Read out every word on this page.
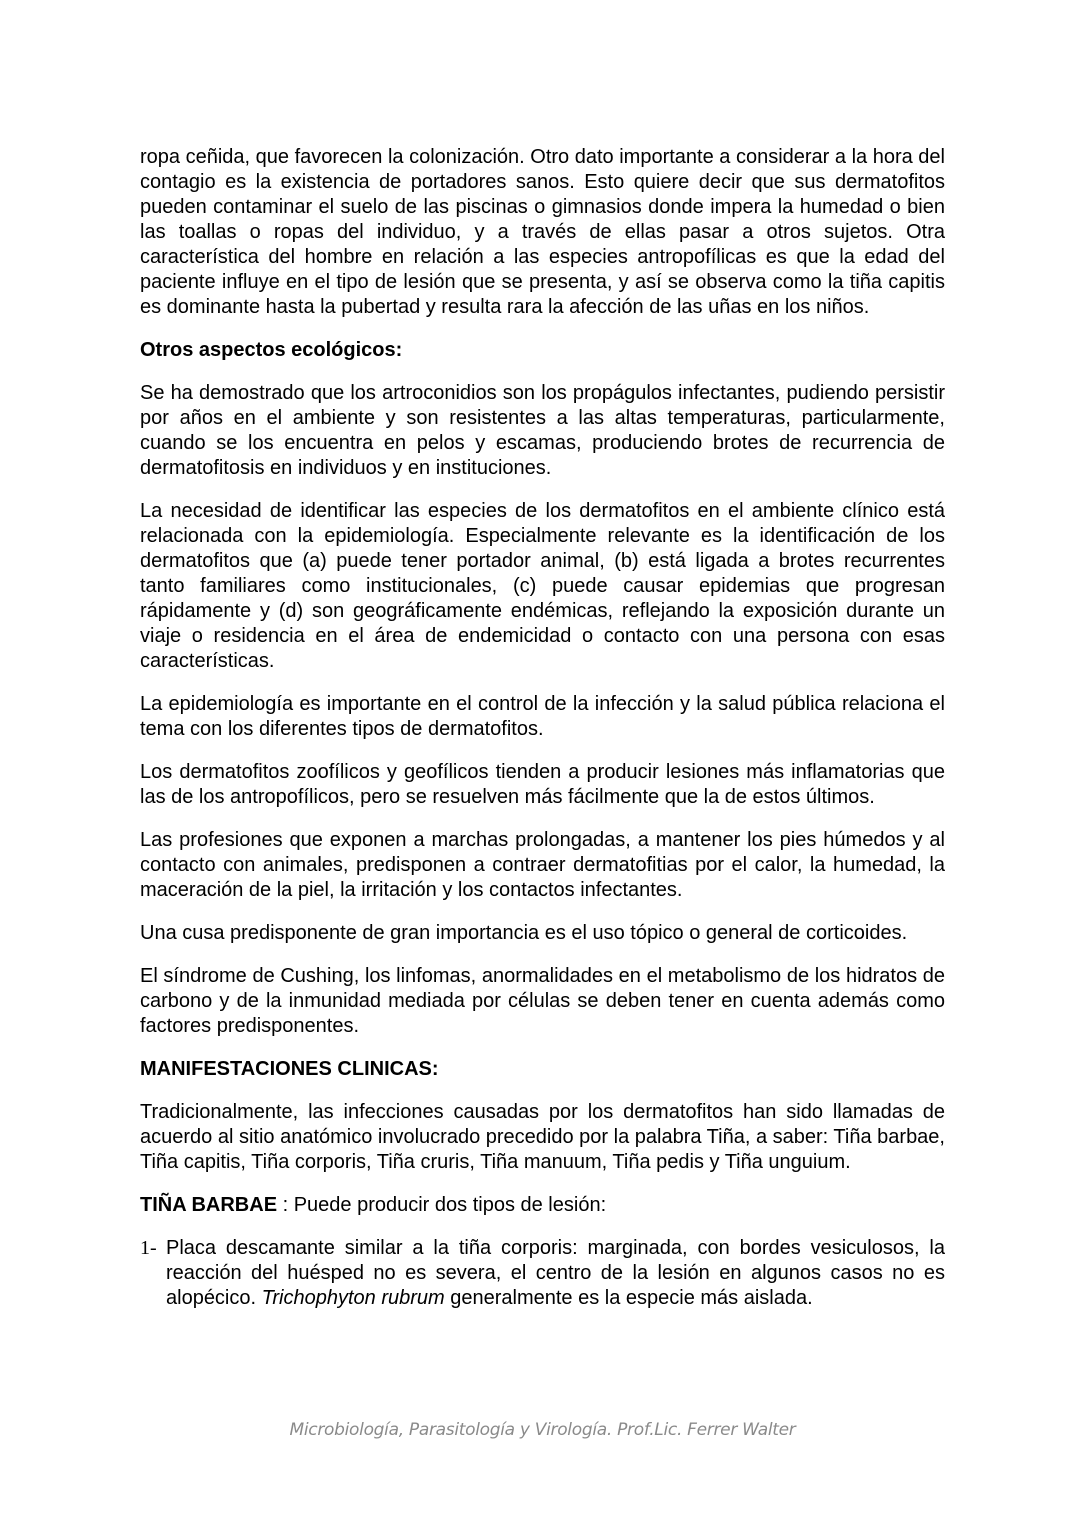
ropa ceñida, que favorecen la colonización. Otro dato importante a considerar a la hora del contagio es la existencia de portadores sanos. Esto quiere decir que sus dermatofitos pueden contaminar el suelo de las piscinas o gimnasios donde impera la humedad o bien las toallas o ropas del individuo, y a través de ellas pasar a otros sujetos. Otra característica del hombre en relación a las especies antropofílicas es que la edad del paciente influye en el tipo de lesión que se presenta, y así se observa como la tiña capitis es dominante hasta la pubertad y resulta rara la afección de las uñas en los niños.

Otros aspectos ecológicos:

Se ha demostrado que los artroconidios son los propágulos infectantes, pudiendo persistir por años en el ambiente y son resistentes a las altas temperaturas, particularmente, cuando se los encuentra en pelos y escamas, produciendo brotes de recurrencia de dermatofitosis en individuos y en instituciones.

La necesidad de identificar las especies de los dermatofitos en el ambiente clínico está relacionada con la epidemiología. Especialmente relevante es la identificación de los dermatofitos que (a) puede tener portador animal, (b) está ligada a brotes recurrentes tanto familiares como institucionales, (c) puede causar epidemias que progresan rápidamente y (d) son geográficamente endémicas, reflejando la exposición durante un viaje o residencia en el área de endemicidad o contacto con una persona con esas características.

La epidemiología es importante en el control de la infección y la salud pública relaciona el tema con los diferentes tipos de dermatofitos.

Los dermatofitos zoofílicos y geofílicos tienden a producir lesiones más inflamatorias que las de los antropofílicos, pero se resuelven más fácilmente que la de estos últimos.

Las profesiones que exponen a marchas prolongadas, a mantener los pies húmedos y al contacto con animales, predisponen a contraer dermatofitias por el calor, la humedad, la maceración de la piel, la irritación y los contactos infectantes.

Una cusa predisponente de gran importancia es el uso tópico o general de corticoides.

El síndrome de Cushing, los linfomas, anormalidades en el metabolismo de los hidratos de carbono y de la inmunidad mediada por células se deben tener en cuenta además como factores predisponentes.

MANIFESTACIONES CLINICAS:

Tradicionalmente, las infecciones causadas por los dermatofitos han sido llamadas de acuerdo al sitio anatómico involucrado precedido por la palabra Tiña, a saber: Tiña barbae, Tiña capitis, Tiña corporis, Tiña cruris, Tiña manuum, Tiña pedis y Tiña unguium.

TIÑA BARBAE : Puede producir dos tipos de lesión:

1- Placa descamante similar a la tiña corporis: marginada, con bordes vesiculosos, la reacción del huésped no es severa, el centro de la lesión en algunos casos no es alopécico. Trichophyton rubrum generalmente es la especie más aislada.
Microbiología, Parasitología y Virología. Prof.Lic. Ferrer Walter
